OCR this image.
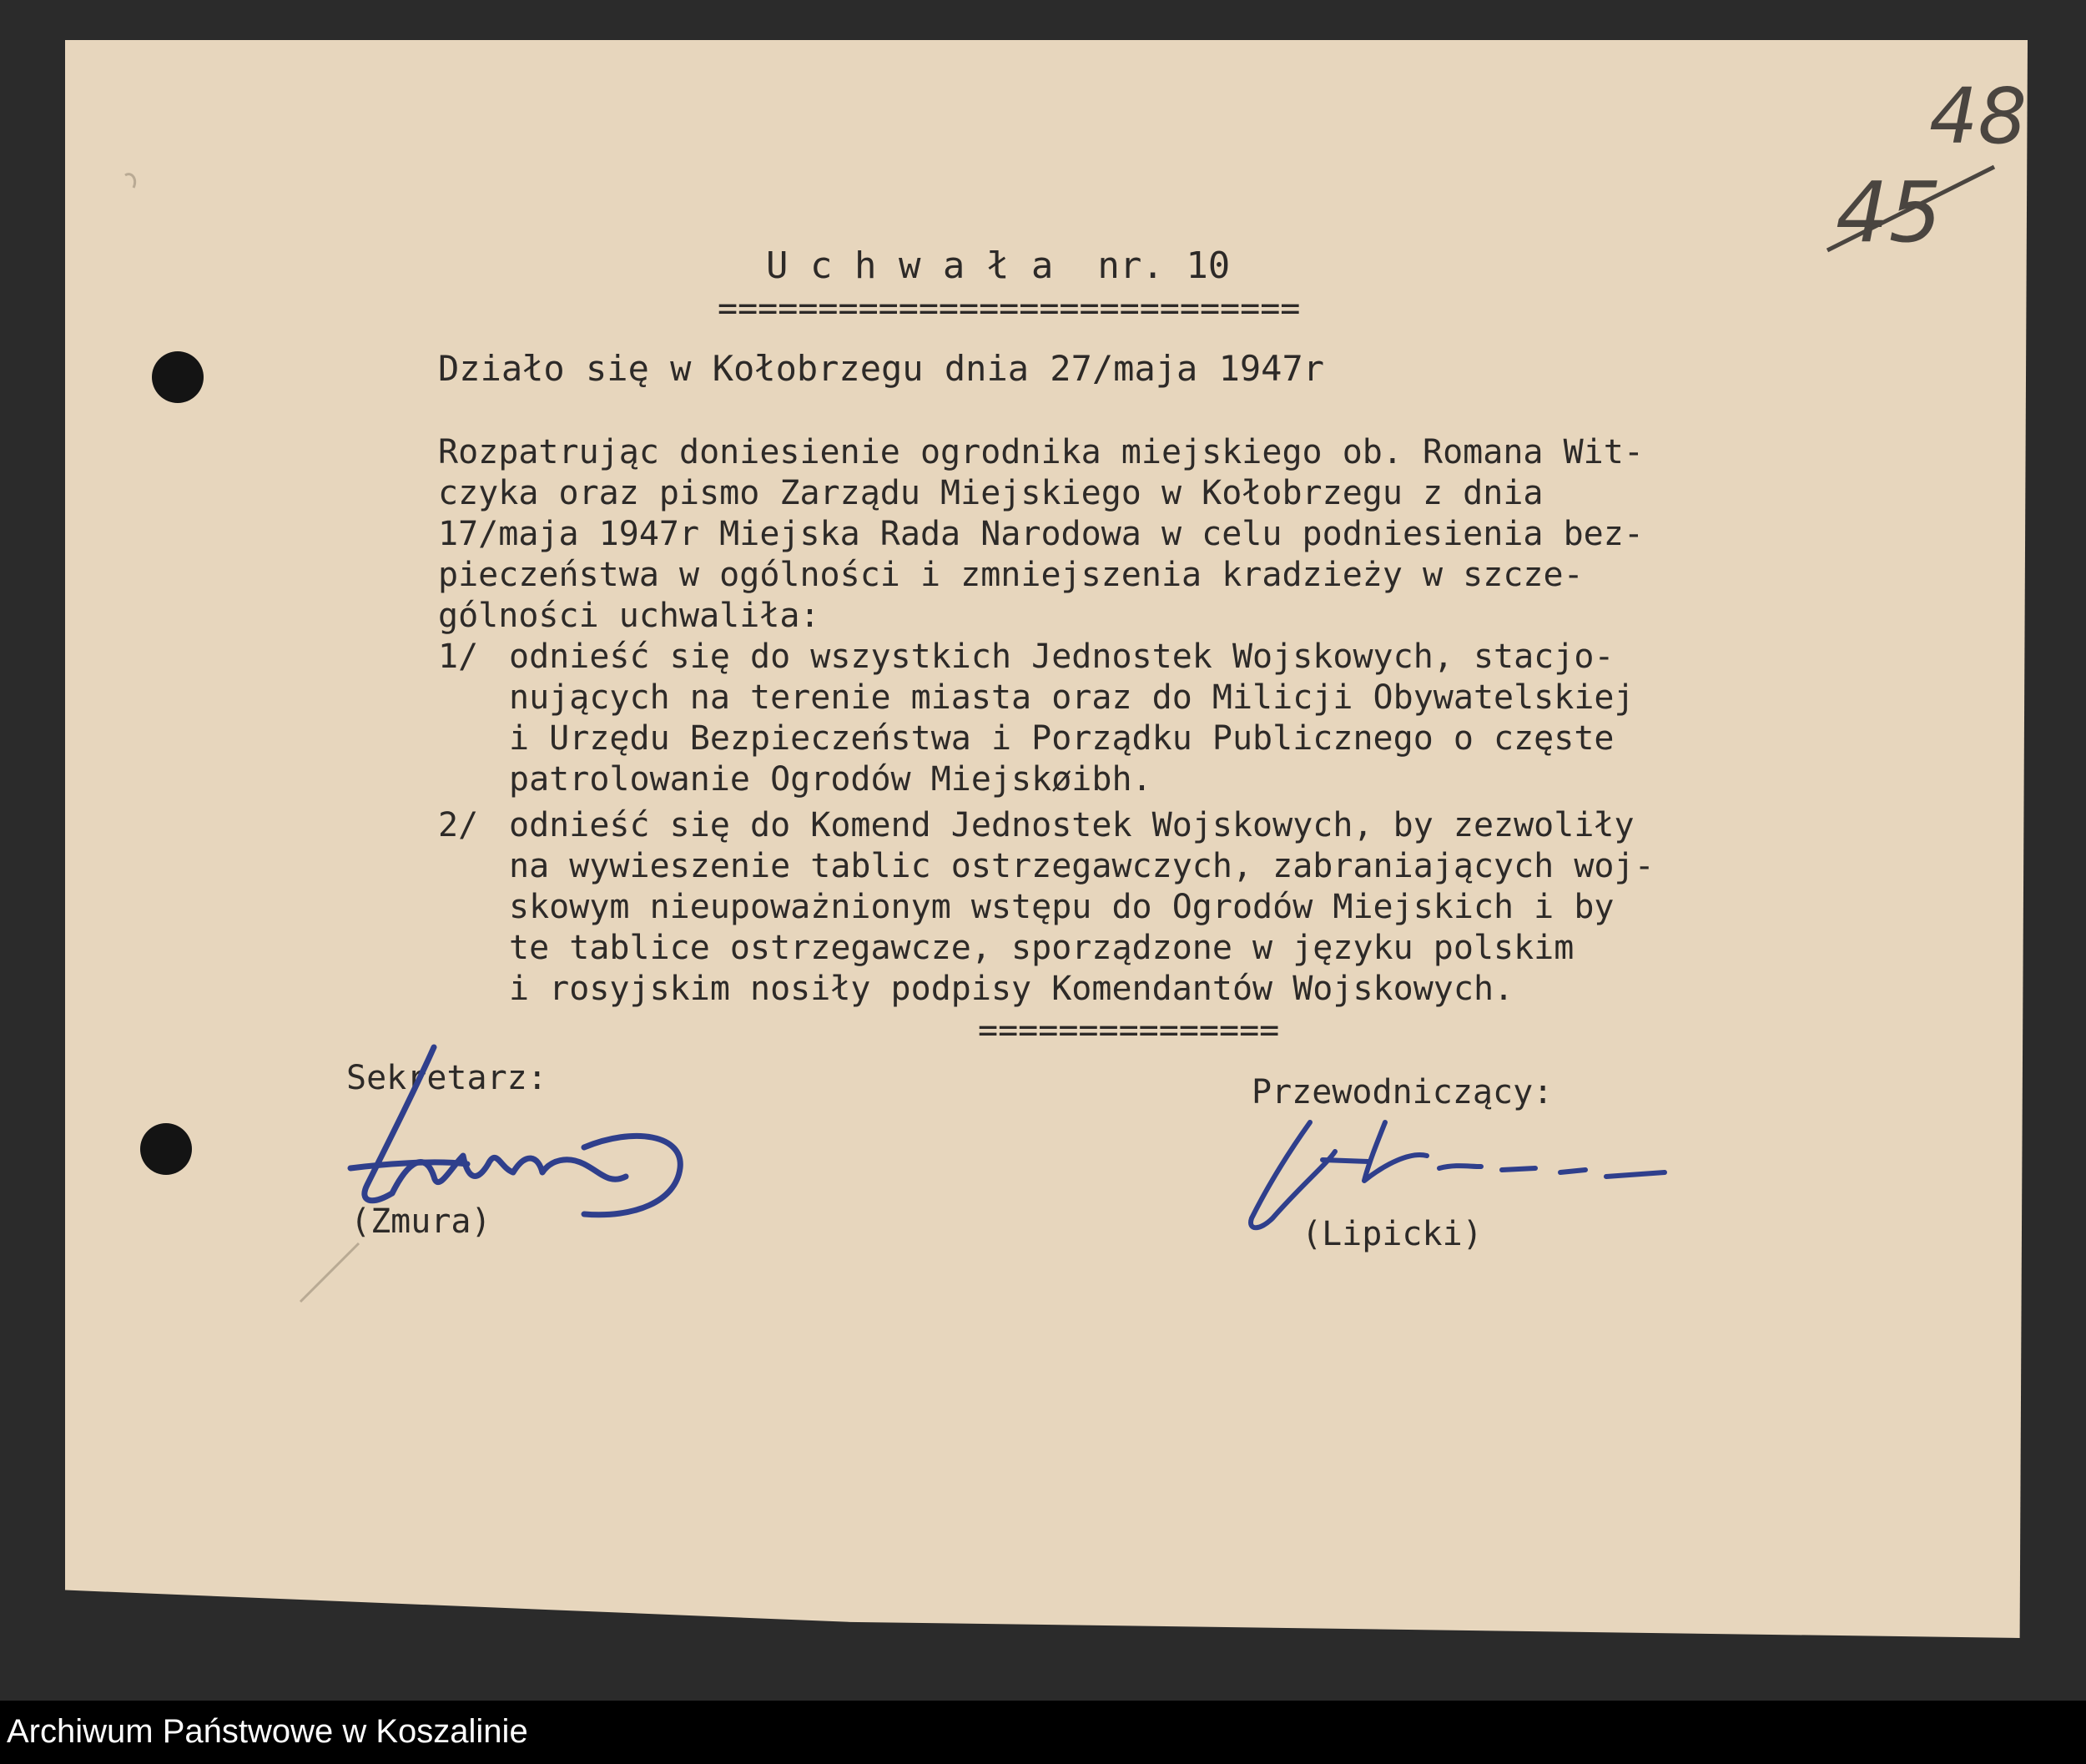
48
45
U c h w a ł a  nr. 10
=============================
Działo się w Kołobrzegu dnia 27/maja 1947r
Rozpatrując doniesienie ogrodnika miejskiego ob. Romana Wit-
czyka oraz pismo Zarządu Miejskiego w Kołobrzegu z dnia
17/maja 1947r Miejska Rada Narodowa w celu podniesienia bez-
pieczeństwa w ogólności i zmniejszenia kradzieży w szcze-
gólności uchwaliła:
1/ odnieść się do wszystkich Jednostek Wojskowych, stacjo-
nujących na terenie miasta oraz do Milicji Obywatelskiej
i Urzędu Bezpieczeństwa i Porządku Publicznego o częste
patrolowanie Ogrodów Miejskøibh.
2/ odnieść się do Komend Jednostek Wojskowych, by zezwoliły
na wywieszenie tablic ostrzegawczych, zabraniających woj-
skowym nieupoważnionym wstępu do Ogrodów Miejskich i by
te tablice ostrzegawcze, sporządzone w języku polskim
i rosyjskim nosiły podpisy Komendantów Wojskowych.
===============
Sekretarz:
(Zmura)
Przewodniczący:
(Lipicki)
Archiwum Państwowe w Koszalinie
